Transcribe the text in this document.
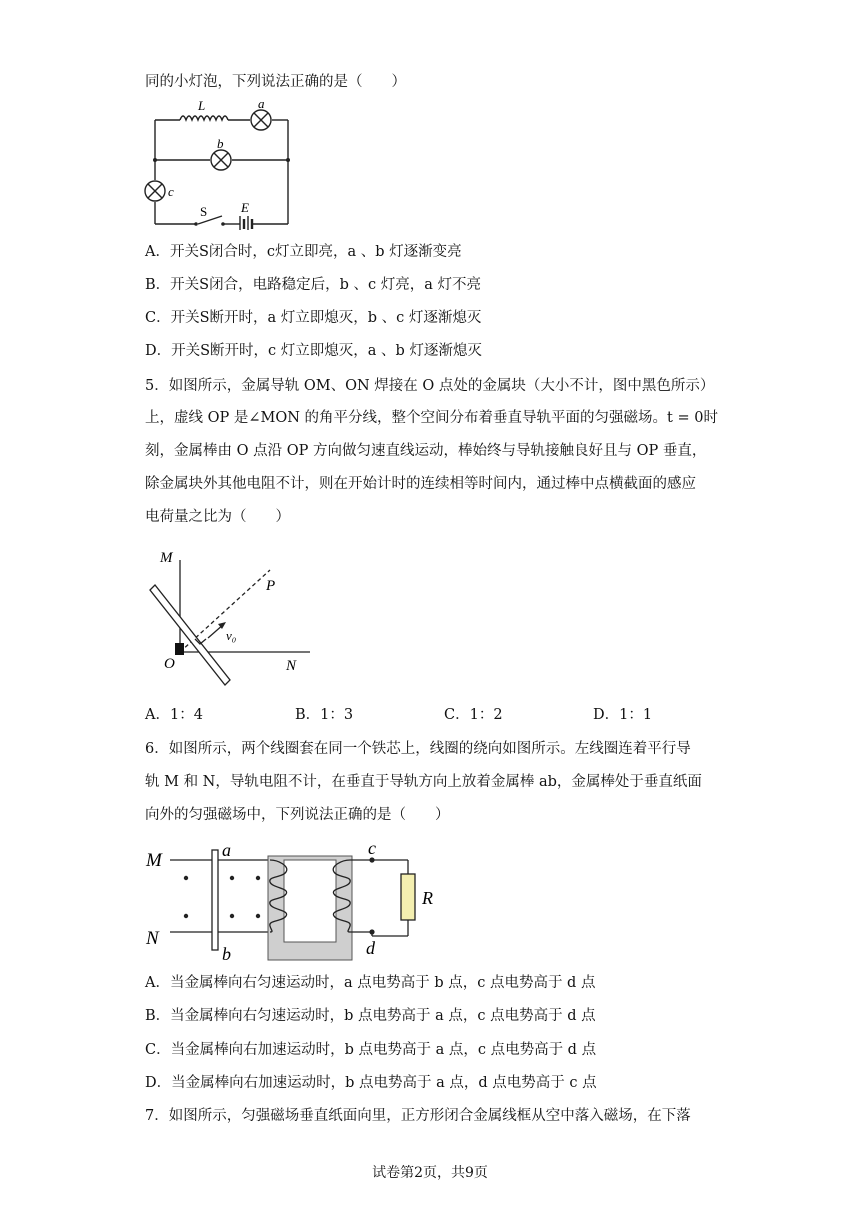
同的小灯泡，下列说法正确的是（　　）
L	a
b
c
S	E
A．开关S闭合时，c灯立即亮，a 、b 灯逐渐变亮
B．开关S闭合，电路稳定后，b 、c 灯亮，a 灯不亮
C．开关S断开时，a 灯立即熄灭，b 、c 灯逐渐熄灭
D．开关S断开时，c 灯立即熄灭，a 、b 灯逐渐熄灭
5．如图所示，金属导轨 OM、ON 焊接在 O 点处的金属块（大小不计，图中黑色所示）
上，虚线 OP 是∠MON 的角平分线，整个空间分布着垂直导轨平面的匀强磁场。t = 0时
刻，金属棒由 O 点沿 OP 方向做匀速直线运动，棒始终与导轨接触良好且与 OP 垂直，
除金属块外其他电阻不计，则在开始计时的连续相等时间内，通过棒中点横截面的感应
电荷量之比为（　　）
M
P
O	N
v₀
A．1：4	B．1：3	C．1：2	D．1：1
6．如图所示，两个线圈套在同一个铁芯上，线圈的绕向如图所示。左线圈连着平行导
轨 M 和 N，导轨电阻不计，在垂直于导轨方向上放着金属棒 ab，金属棒处于垂直纸面
向外的匀强磁场中，下列说法正确的是（　　）
M
N
a
b
c
d
R
A．当金属棒向右匀速运动时，a 点电势高于 b 点，c 点电势高于 d 点
B．当金属棒向右匀速运动时，b 点电势高于 a 点，c 点电势高于 d 点
C．当金属棒向右加速运动时，b 点电势高于 a 点，c 点电势高于 d 点
D．当金属棒向右加速运动时，b 点电势高于 a 点，d 点电势高于 c 点
7．如图所示，匀强磁场垂直纸面向里，正方形闭合金属线框从空中落入磁场，在下落
试卷第2页，共9页
